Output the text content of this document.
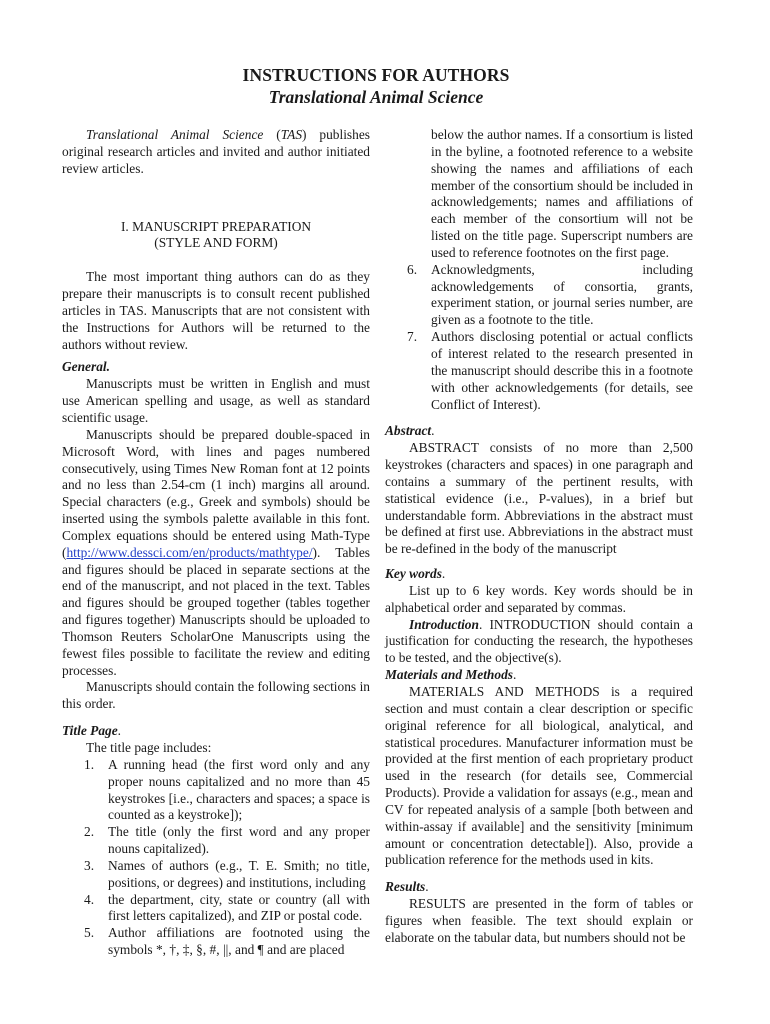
INSTRUCTIONS FOR AUTHORS
Translational Animal Science

Translational Animal Science (TAS) publishes original research articles and invited and author initiated review articles.

I. MANUSCRIPT PREPARATION

(STYLE AND FORM)

The most important thing authors can do as they prepare their manuscripts is to consult recent published articles in TAS. Manuscripts that are not consistent with the Instructions for Authors will be returned to the authors without review.

General.

Manuscripts must be written in English and must use American spelling and usage, as well as standard scientific usage.

Manuscripts should be prepared double-spaced in Microsoft Word, with lines and pages numbered consecutively, using Times New Roman font at 12 points and no less than 2.54-cm (1 inch) margins all around. Special characters (e.g., Greek and symbols) should be inserted using the symbols palette available in this font. Complex equations should be entered using Math-Type (http://www.dessci.com/en/products/mathtype/). Tables and figures should be placed in separate sections at the end of the manuscript, and not placed in the text. Tables and figures should be grouped together (tables together and figures together) Manuscripts should be uploaded to Thomson Reuters ScholarOne Manuscripts using the fewest files possible to facilitate the review and editing processes.

Manuscripts should contain the following sections in this order.

Title Page.

The title page includes:

1. A running head (the first word only and any proper nouns capitalized and no more than 45 keystrokes [i.e., characters and spaces; a space is counted as a keystroke]);
2. The title (only the first word and any proper nouns capitalized).
3. Names of authors (e.g., T. E. Smith; no title, positions, or degrees) and institutions, including
4. the department, city, state or country (all with first letters capitalized), and ZIP or postal code.
5. Author affiliations are footnoted using the symbols *, †, ‡, §, #, ||, and ¶ and are placed

below the author names. If a consortium is listed in the byline, a footnoted reference to a website showing the names and affiliations of each member of the consortium should be included in acknowledgements; names and affiliations of each member of the consortium will not be listed on the title page. Superscript numbers are used to reference footnotes on the first page.

6. Acknowledgments, including acknowledgements of consortia, grants, experiment station, or journal series number, are given as a footnote to the title.
7. Authors disclosing potential or actual conflicts of interest related to the research presented in the manuscript should describe this in a footnote with other acknowledgements (for details, see Conflict of Interest).

Abstract.

ABSTRACT consists of no more than 2,500 keystrokes (characters and spaces) in one paragraph and contains a summary of the pertinent results, with statistical evidence (i.e., P-values), in a brief but understandable form. Abbreviations in the abstract must be defined at first use. Abbreviations in the abstract must be re-defined in the body of the manuscript

Key words.

List up to 6 key words. Key words should be in alphabetical order and separated by commas.

Introduction. INTRODUCTION should contain a justification for conducting the research, the hypotheses to be tested, and the objective(s).

Materials and Methods.

MATERIALS AND METHODS is a required section and must contain a clear description or specific original reference for all biological, analytical, and statistical procedures. Manufacturer information must be provided at the first mention of each proprietary product used in the research (for details see, Commercial Products). Provide a validation for assays (e.g., mean and CV for repeated analysis of a sample [both between and within-assay if available] and the sensitivity [minimum amount or concentration detectable]). Also, provide a publication reference for the methods used in kits.

Results.

RESULTS are presented in the form of tables or figures when feasible. The text should explain or elaborate on the tabular data, but numbers should not be
